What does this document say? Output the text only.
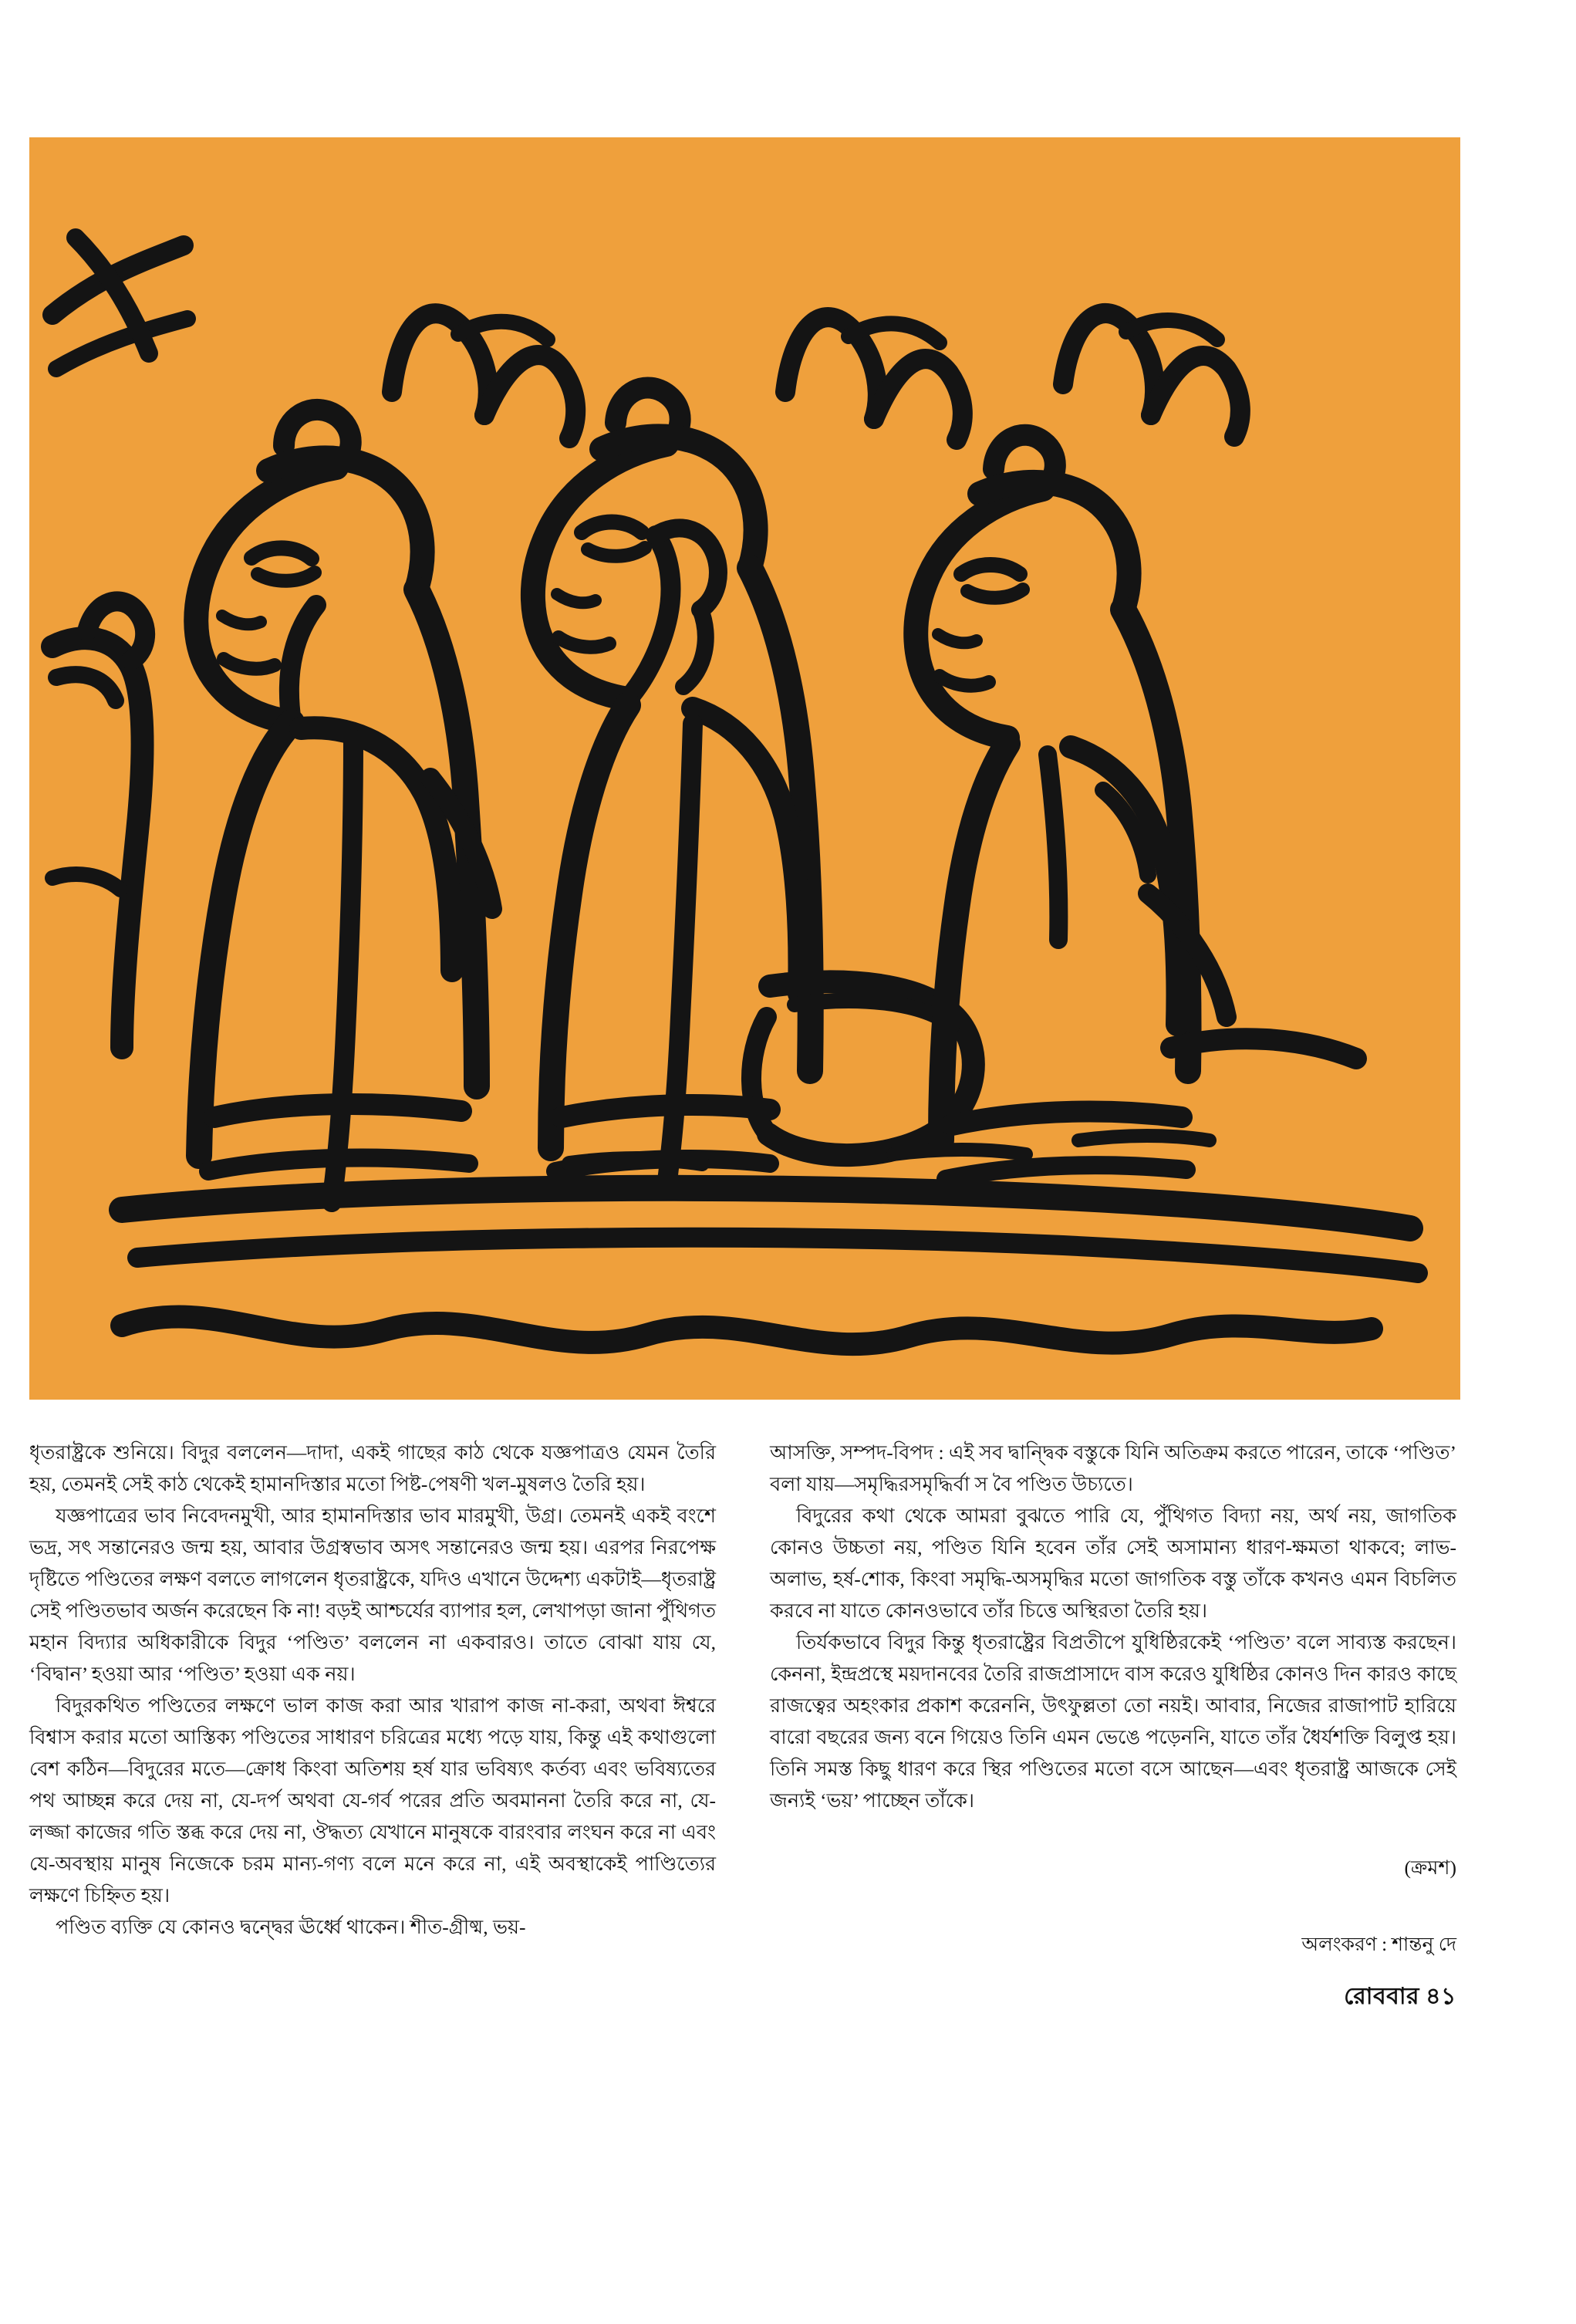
ধৃতরাষ্ট্রকে শুনিয়ে। বিদুর বললেন—দাদা, একই গাছের কাঠ থেকে যজ্ঞপাত্রও যেমন তৈরি হয়, তেমনই সেই কাঠ থেকেই হামানদিস্তার মতো পিষ্ট-পেষণী খল-মুষলও তৈরি হয়।

যজ্ঞপাত্রের ভাব নিবেদনমুখী, আর হামানদিস্তার ভাব মারমুখী, উগ্র। তেমনই একই বংশে ভদ্র, সৎ সন্তানেরও জন্ম হয়, আবার উগ্রস্বভাব অসৎ সন্তানেরও জন্ম হয়। এরপর নিরপেক্ষ দৃষ্টিতে পণ্ডিতের লক্ষণ বলতে লাগলেন ধৃতরাষ্ট্রকে, যদিও এখানে উদ্দেশ্য একটাই—ধৃতরাষ্ট্র সেই পণ্ডিতভাব অর্জন করেছেন কি না! বড়ই আশ্চর্যের ব্যাপার হল, লেখাপড়া জানা পুঁথিগত মহান বিদ্যার অধিকারীকে বিদুর ‘পণ্ডিত’ বললেন না একবারও। তাতে বোঝা যায় যে, ‘বিদ্বান’ হওয়া আর ‘পণ্ডিত’ হওয়া এক নয়।

বিদুরকথিত পণ্ডিতের লক্ষণে ভাল কাজ করা আর খারাপ কাজ না-করা, অথবা ঈশ্বরে বিশ্বাস করার মতো আস্তিক্য পণ্ডিতের সাধারণ চরিত্রের মধ্যে পড়ে যায়, কিন্তু এই কথাগুলো বেশ কঠিন—বিদুরের মতে—ক্রোধ কিংবা অতিশয় হর্ষ যার ভবিষ্যৎ কর্তব্য এবং ভবিষ্যতের পথ আচ্ছন্ন করে দেয় না, যে-দর্প অথবা যে-গর্ব পরের প্রতি অবমাননা তৈরি করে না, যে-লজ্জা কাজের গতি স্তব্ধ করে দেয় না, ঔদ্ধত্য যেখানে মানুষকে বারংবার লংঘন করে না এবং যে-অবস্থায় মানুষ নিজেকে চরম মান্য-গণ্য বলে মনে করে না, এই অবস্থাকেই পাণ্ডিত্যের লক্ষণে চিহ্নিত হয়।

পণ্ডিত ব্যক্তি যে কোনও দ্বন্দ্বের ঊর্ধ্বে থাকেন। শীত-গ্রীষ্ম, ভয়-

আসক্তি, সম্পদ-বিপদ : এই সব দ্বান্দ্বিক বস্তুকে যিনি অতিক্রম করতে পারেন, তাকে ‘পণ্ডিত’ বলা যায়—সমৃদ্ধিরসমৃদ্ধির্বা স বৈ পণ্ডিত উচ্যতে।

বিদুরের কথা থেকে আমরা বুঝতে পারি যে, পুঁথিগত বিদ্যা নয়, অর্থ নয়, জাগতিক কোনও উচ্চতা নয়, পণ্ডিত যিনি হবেন তাঁর সেই অসামান্য ধারণ-ক্ষমতা থাকবে; লাভ-অলাভ, হর্ষ-শোক, কিংবা সমৃদ্ধি-অসমৃদ্ধির মতো জাগতিক বস্তু তাঁকে কখনও এমন বিচলিত করবে না যাতে কোনওভাবে তাঁর চিত্তে অস্থিরতা তৈরি হয়।

তির্যকভাবে বিদুর কিন্তু ধৃতরাষ্ট্রের বিপ্রতীপে যুধিষ্ঠিরকেই ‘পণ্ডিত’ বলে সাব্যস্ত করছেন। কেননা, ইন্দ্রপ্রস্থে ময়দানবের তৈরি রাজপ্রাসাদে বাস করেও যুধিষ্ঠির কোনও দিন কারও কাছে রাজত্বের অহংকার প্রকাশ করেননি, উৎফুল্লতা তো নয়ই। আবার, নিজের রাজাপাট হারিয়ে বারো বছরের জন্য বনে গিয়েও তিনি এমন ভেঙে পড়েননি, যাতে তাঁর ধৈর্যশক্তি বিলুপ্ত হয়। তিনি সমস্ত কিছু ধারণ করে স্থির পণ্ডিতের মতো বসে আছেন—এবং ধৃতরাষ্ট্র আজকে সেই জন্যই ‘ভয়’ পাচ্ছেন তাঁকে।

(ক্রমশ)
অলংকরণ : শান্তনু দে
রোববার ৪১
